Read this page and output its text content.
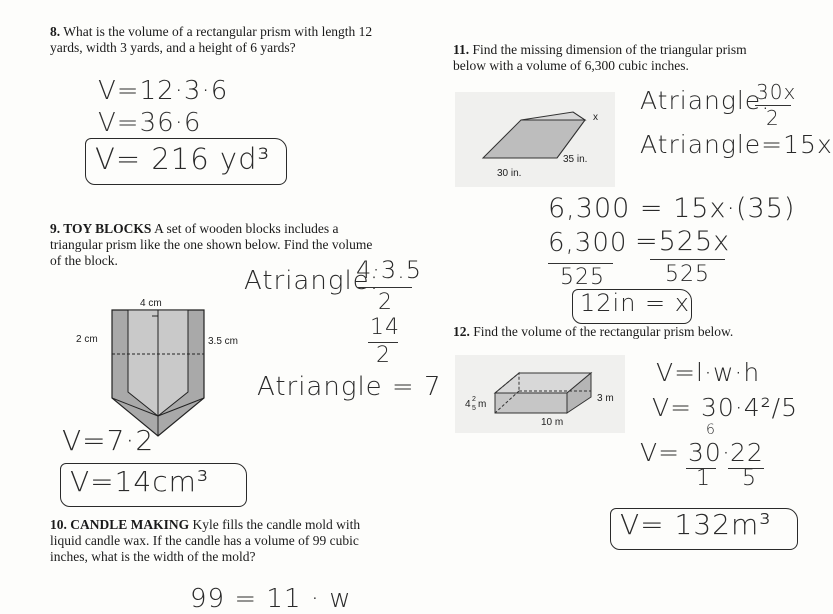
8. What is the volume of a rectangular prism with length 12 yards, width 3 yards, and a height of 6 yards?
V=12·3·6
V=36·6
V= 216 yd³
9. TOY BLOCKS A set of wooden blocks includes a triangular prism like the one shown below. Find the volume of the block.
4 cm
2 cm	3.5 cm
Atriangle:
4·3.5
2
14
2
Atriangle = 7
V=7·2
V=14cm³
10. CANDLE MAKING Kyle fills the candle mold with liquid candle wax. If the candle has a volume of 99 cubic inches, what is the width of the mold?
99 = 11 · w
11. Find the missing dimension of the triangular prism below with a volume of 6,300 cubic inches.
x
35 in.
30 in.
Atriangle:
30x
2
Atriangle=15x
6,300 = 15x·(35)
6,300 =525x
525	525
12in = x
12. Find the volume of the rectangular prism below.
4 2
5 m
3 m
10 m
V=l·w·h
V= 30·4²/5
6
V= 30 · 22
1 5
V= 132m³
